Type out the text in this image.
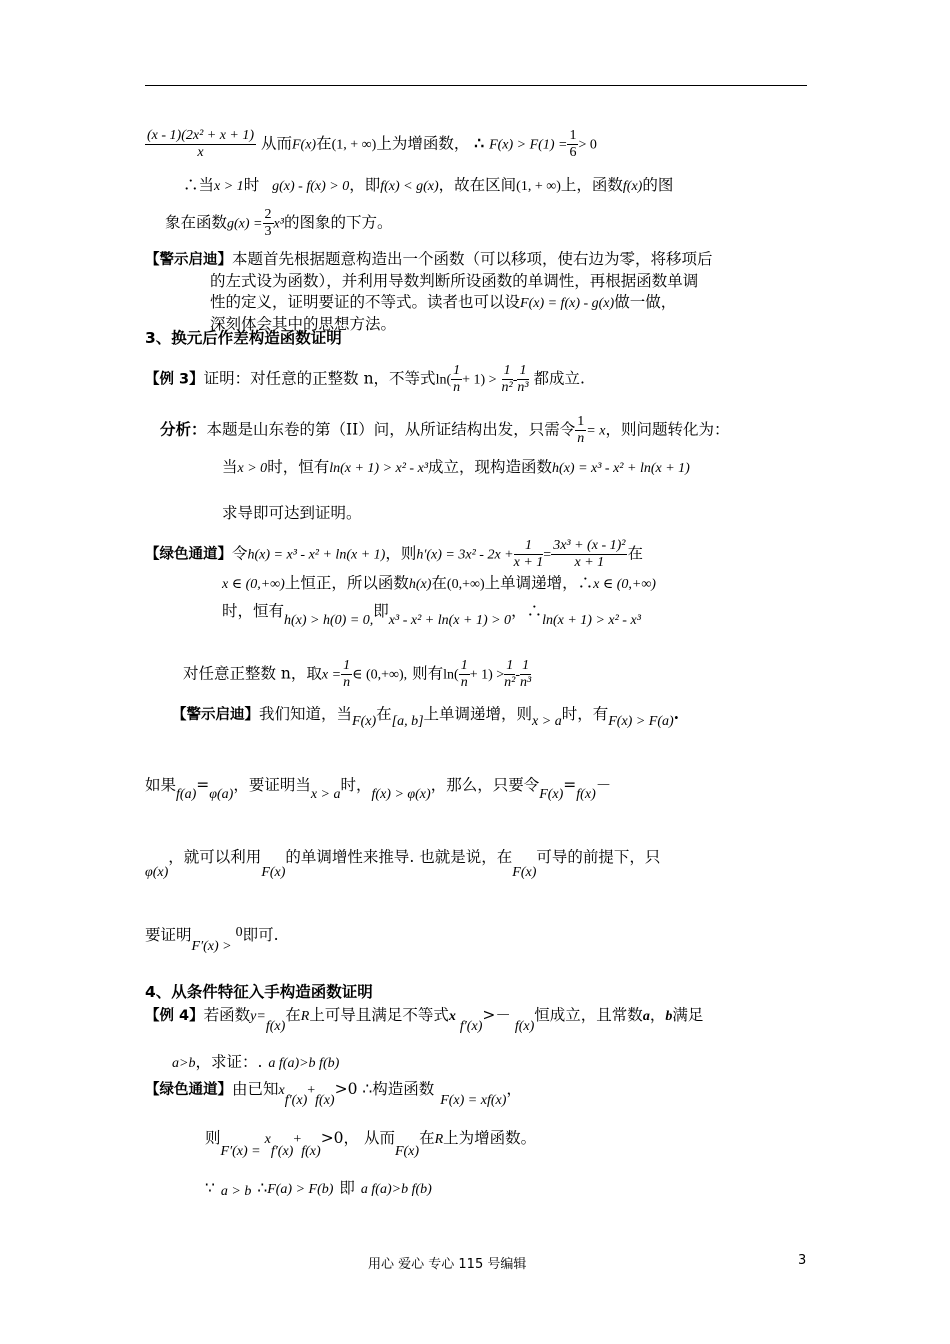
$\frac{\text{(x - 1)(2x² + x + 1)}}{x}$ 从而F(x)在(1, + ∞)上为增函数， ∴ $F(x) > F(1) = \frac{1}{6} > 0$
∴当x > 1时 g(x) - f(x) > 0，即f(x) < g(x)，故在区间(1, + ∞)上，函数f(x)的图
象在函数$g(x) = \frac{2}{3} x^3$的图象的下方。
【警示启迪】本题首先根据题意构造出一个函数（可以移项，使右边为零，将移项后
的左式设为函数），并利用导数判断所设函数的单调性，再根据函数单调
性的定义，证明要证的不等式。读者也可以设F(x) = f(x) - g(x)做一做，
深刻体会其中的思想方法。
3、换元后作差构造函数证明
【例 3】证明：对任意的正整数 n，不等式$\ln( \frac{1}{n} + 1) > \frac{1}{\text{n²}} - \frac{1}{\text{n³}}$ 都成立.
分析：本题是山东卷的第（II）问，从所证结构出发，只需令 $\frac{1}{n} = x$，则问题转化为：
当x > 0时，恒有ln(x + 1) > x² - x³成立，现构造函数h(x) = x³ - x² + ln(x + 1)
求导即可达到证明。
【绿色通道】令h(x) = x³ - x² + ln(x + 1)，则$h'(x) = 3x^2 - 2x + \frac{1}{x + 1} = \frac{\text{3x³ + (x - 1)²}}{x + 1}$ 在
x ∈ (0,+∞)上恒正，所以函数h(x)在(0,+∞)上单调递增，∴x ∈ (0,+∞)
时，恒有h(x) > h(0) = 0,即x³ - x² + ln(x + 1) > 0，∴ln(x + 1) > x² - x³
对任意正整数 n，取$x = \frac{1}{n}$ ∈ (0,+∞), 则有$\ln( \frac{1}{n} + 1) > \frac{1}{\text{n²}} - \frac{1}{\text{n³}}$
【警示启迪】我们知道，当F(x)在[a, b]上单调递增，则x > a时，有F(x) > F(a).
如果f(a)=φ(a)，要证明当x > a时，f(x) > φ(x)，那么，只要令F(x)=f(x)－
φ(x)，就可以利用F(x)的单调增性来推导. 也就是说，在F(x)可导的前提下，只
要证明F′(x) >0即可.
4、从条件特征入手构造函数证明
【例 4】若函数y=f(x)在R上可导且满足不等式xf′(x)>－f(x)恒成立，且常数a，b满足
a>b，求证：. a f(a)>b f(b)
【绿色通道】由已知xf′(x)+f(x)>0 ∴构造函数F(x) = xf(x)，
则F′(x) =xf′(x)+f(x)>0， 从而F(x)在R上为增函数。
∵ a > b ∴F(a) > F(b) 即 a f(a)>b f(b)
用心 爱心 专心 115 号编辑	3
